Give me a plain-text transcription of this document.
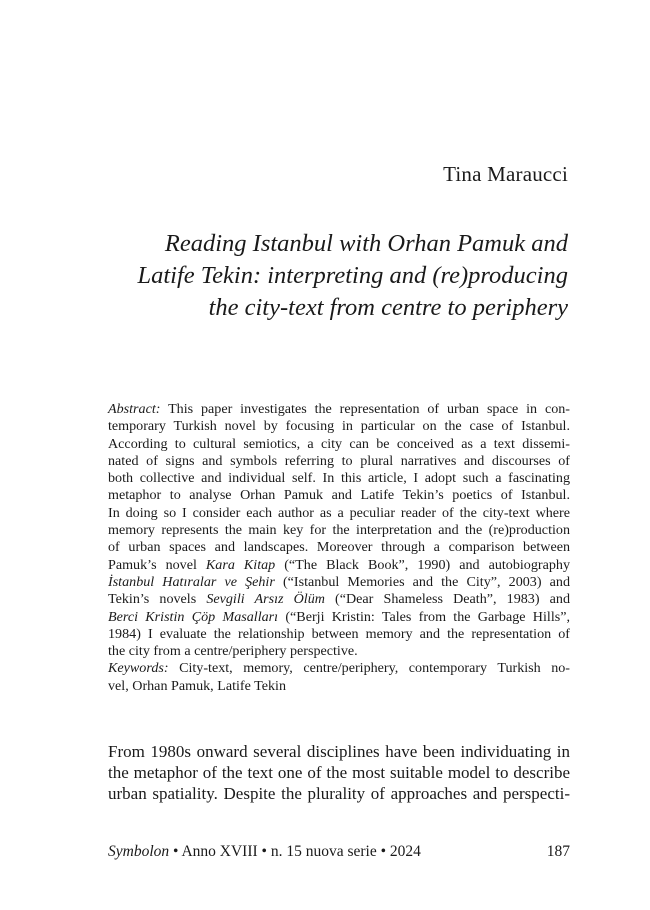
Tina Maraucci
Reading Istanbul with Orhan Pamuk and
Latife Tekin: interpreting and (re)producing
the city-text from centre to periphery
Abstract: This paper investigates the representation of urban space in con-
temporary Turkish novel by focusing in particular on the case of Istanbul.
According to cultural semiotics, a city can be conceived as a text dissemi-
nated of signs and symbols referring to plural narratives and discourses of
both collective and individual self. In this article, I adopt such a fascinating
metaphor to analyse Orhan Pamuk and Latife Tekin’s poetics of Istanbul.
In doing so I consider each author as a peculiar reader of the city-text where
memory represents the main key for the interpretation and the (re)production
of urban spaces and landscapes. Moreover through a comparison between
Pamuk’s novel Kara Kitap (“The Black Book”, 1990) and autobiography
İstanbul Hatıralar ve Şehir (“Istanbul Memories and the City”, 2003) and
Tekin’s novels Sevgili Arsız Ölüm (“Dear Shameless Death”, 1983) and
Berci Kristin Çöp Masalları (“Berji Kristin: Tales from the Garbage Hills”,
1984) I evaluate the relationship between memory and the representation of
the city from a centre/periphery perspective.
Keywords: City-text, memory, centre/periphery, contemporary Turkish no-
vel, Orhan Pamuk, Latife Tekin
From 1980s onward several disciplines have been individuating in
the metaphor of the text one of the most suitable model to describe
urban spatiality. Despite the plurality of approaches and perspecti-
Symbolon • Anno XVIII • n. 15 nuova serie • 2024	187
